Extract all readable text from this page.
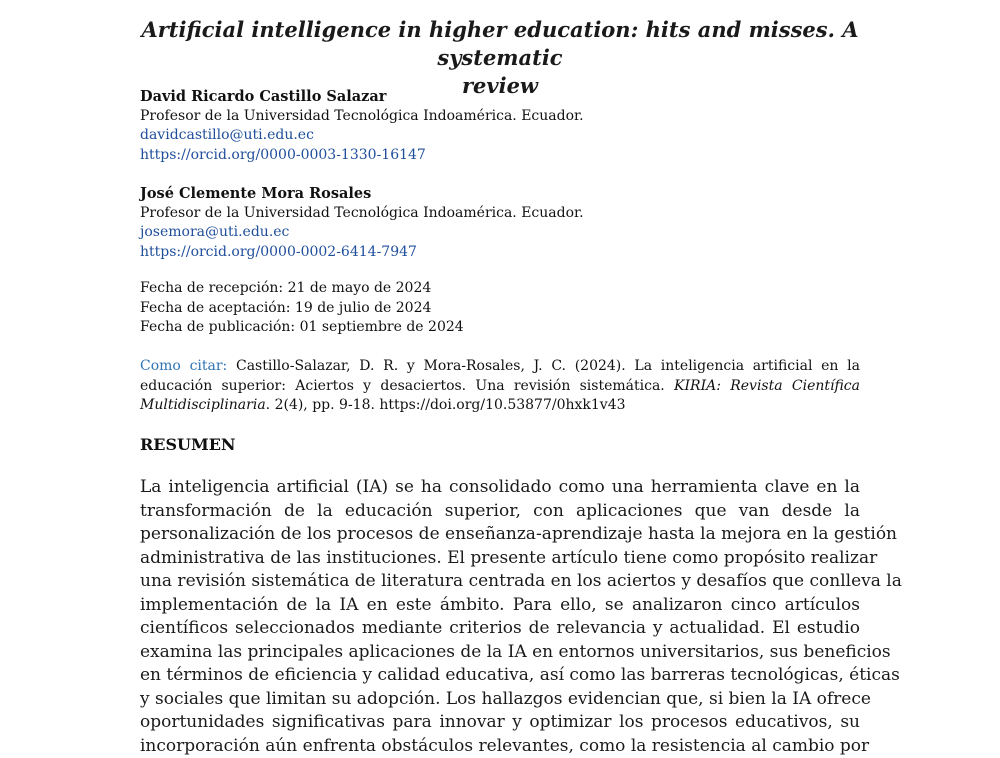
Artificial intelligence in higher education: hits and misses. A systematic
review
David Ricardo Castillo Salazar
Profesor de la Universidad Tecnológica Indoamérica. Ecuador.
davidcastillo@uti.edu.ec
https://orcid.org/0000-0003-1330-16147
José Clemente Mora Rosales
Profesor de la Universidad Tecnológica Indoamérica. Ecuador.
josemora@uti.edu.ec
https://orcid.org/0000-0002-6414-7947
Fecha de recepción: 21 de mayo de 2024
Fecha de aceptación: 19 de julio de 2024
Fecha de publicación: 01 septiembre de 2024
Como citar: Castillo-Salazar, D. R. y Mora-Rosales, J. C. (2024). La inteligencia artificial en la educación superior: Aciertos y desaciertos. Una revisión sistemática. KIRIA: Revista Científica Multidisciplinaria. 2(4), pp. 9-18. https://doi.org/10.53877/0hxk1v43
RESUMEN
La inteligencia artificial (IA) se ha consolidado como una herramienta clave en la
transformación de la educación superior, con aplicaciones que van desde la
personalización de los procesos de enseñanza-aprendizaje hasta la mejora en la gestión
administrativa de las instituciones. El presente artículo tiene como propósito realizar
una revisión sistemática de literatura centrada en los aciertos y desafíos que conlleva la
implementación de la IA en este ámbito. Para ello, se analizaron cinco artículos
científicos seleccionados mediante criterios de relevancia y actualidad. El estudio
examina las principales aplicaciones de la IA en entornos universitarios, sus beneficios
en términos de eficiencia y calidad educativa, así como las barreras tecnológicas, éticas
y sociales que limitan su adopción. Los hallazgos evidencian que, si bien la IA ofrece
oportunidades significativas para innovar y optimizar los procesos educativos, su
incorporación aún enfrenta obstáculos relevantes, como la resistencia al cambio por
